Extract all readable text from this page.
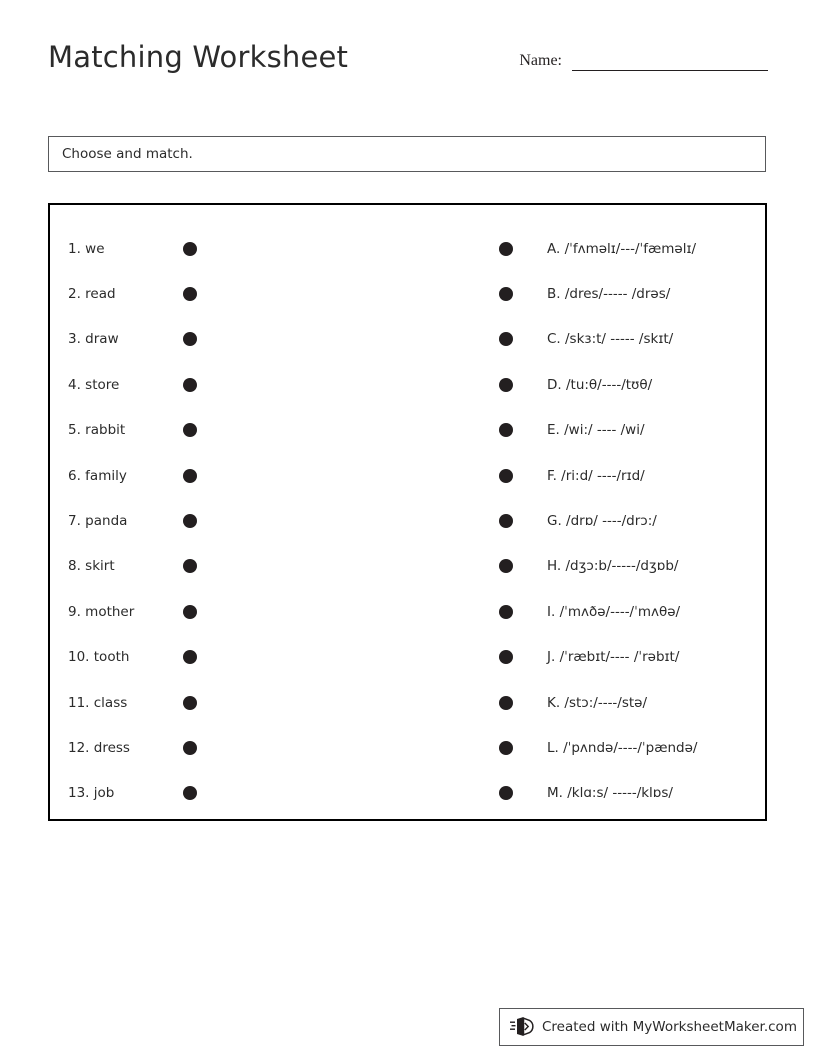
Matching Worksheet	Name:
Choose and match.
1. we	A. /ˈfʌməlɪ/---/ˈfæməlɪ/
2. read	B. /dres/----- /drəs/
3. draw	C. /skɜ:t/ ----- /skɪt/
4. store	D. /tu:θ/----/tʊθ/
5. rabbit	E. /wi:/ ---- /wi/
6. family	F. /ri:d/ ----/rɪd/
7. panda	G. /drɒ/ ----/drɔ:/
8. skirt	H. /dʒɔ:b/-----/dʒɒb/
9. mother	I. /ˈmʌðə/----/ˈmʌθə/
10. tooth	J. /ˈræbɪt/---- /ˈrəbɪt/
11. class	K. /stɔ:/----/stə/
12. dress	L. /ˈpʌndə/----/ˈpændə/
13. job	M. /klɑ:s/ -----/klɒs/
Created with MyWorksheetMaker.com
